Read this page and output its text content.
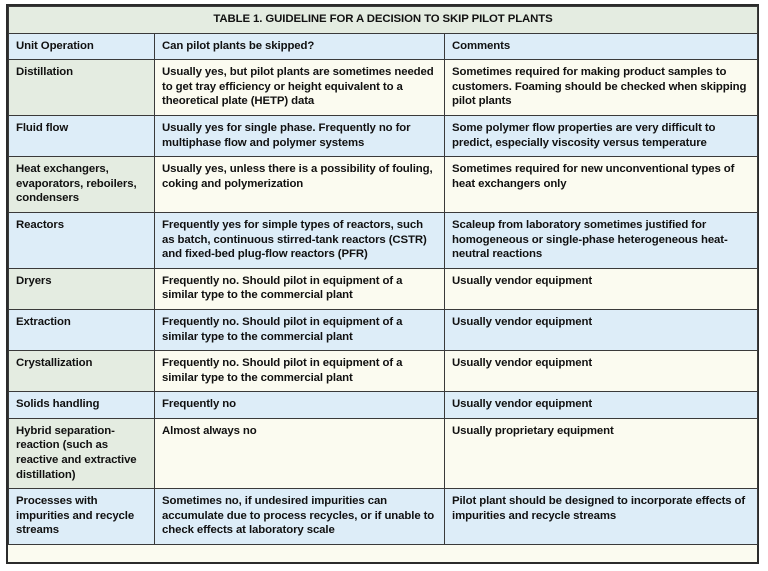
TABLE 1. GUIDELINE FOR A DECISION TO SKIP PILOT PLANTS		
Unit Operation	Can pilot plants be skipped?	Comments
Distillation	Usually yes, but pilot plants are sometimes needed to get tray efficiency or height equivalent to a theoretical plate (HETP) data	Sometimes required for making product samples to customers. Foaming should be checked when skipping pilot plants
Fluid flow	Usually yes for single phase. Frequently no for multiphase flow and polymer systems	Some polymer flow properties are very difficult to predict, especially viscosity versus temperature
Heat exchangers, evaporators, reboilers, condensers	Usually yes, unless there is a possibility of fouling, coking and polymerization	Sometimes required for new unconventional types of heat exchangers only
Reactors	Frequently yes for simple types of reactors, such as batch, continuous stirred-tank reactors (CSTR) and fixed-bed plug-flow reactors (PFR)	Scaleup from laboratory sometimes justified for homogeneous or single-phase heterogeneous heat-neutral reactions
Dryers	Frequently no. Should pilot in equipment of a similar type to the commercial plant	Usually vendor equipment
Extraction	Frequently no. Should pilot in equipment of a similar type to the commercial plant	Usually vendor equipment
Crystallization	Frequently no. Should pilot in equipment of a similar type to the commercial plant	Usually vendor equipment
Solids handling	Frequently no	Usually vendor equipment
Hybrid separation-reaction (such as reactive and extractive distillation)	Almost always no	Usually proprietary equipment
Processes with impurities and recycle streams	Sometimes no, if undesired impurities can accumulate due to process recycles, or if unable to check effects at laboratory scale	Pilot plant should be designed to incorporate effects of impurities and recycle streams
